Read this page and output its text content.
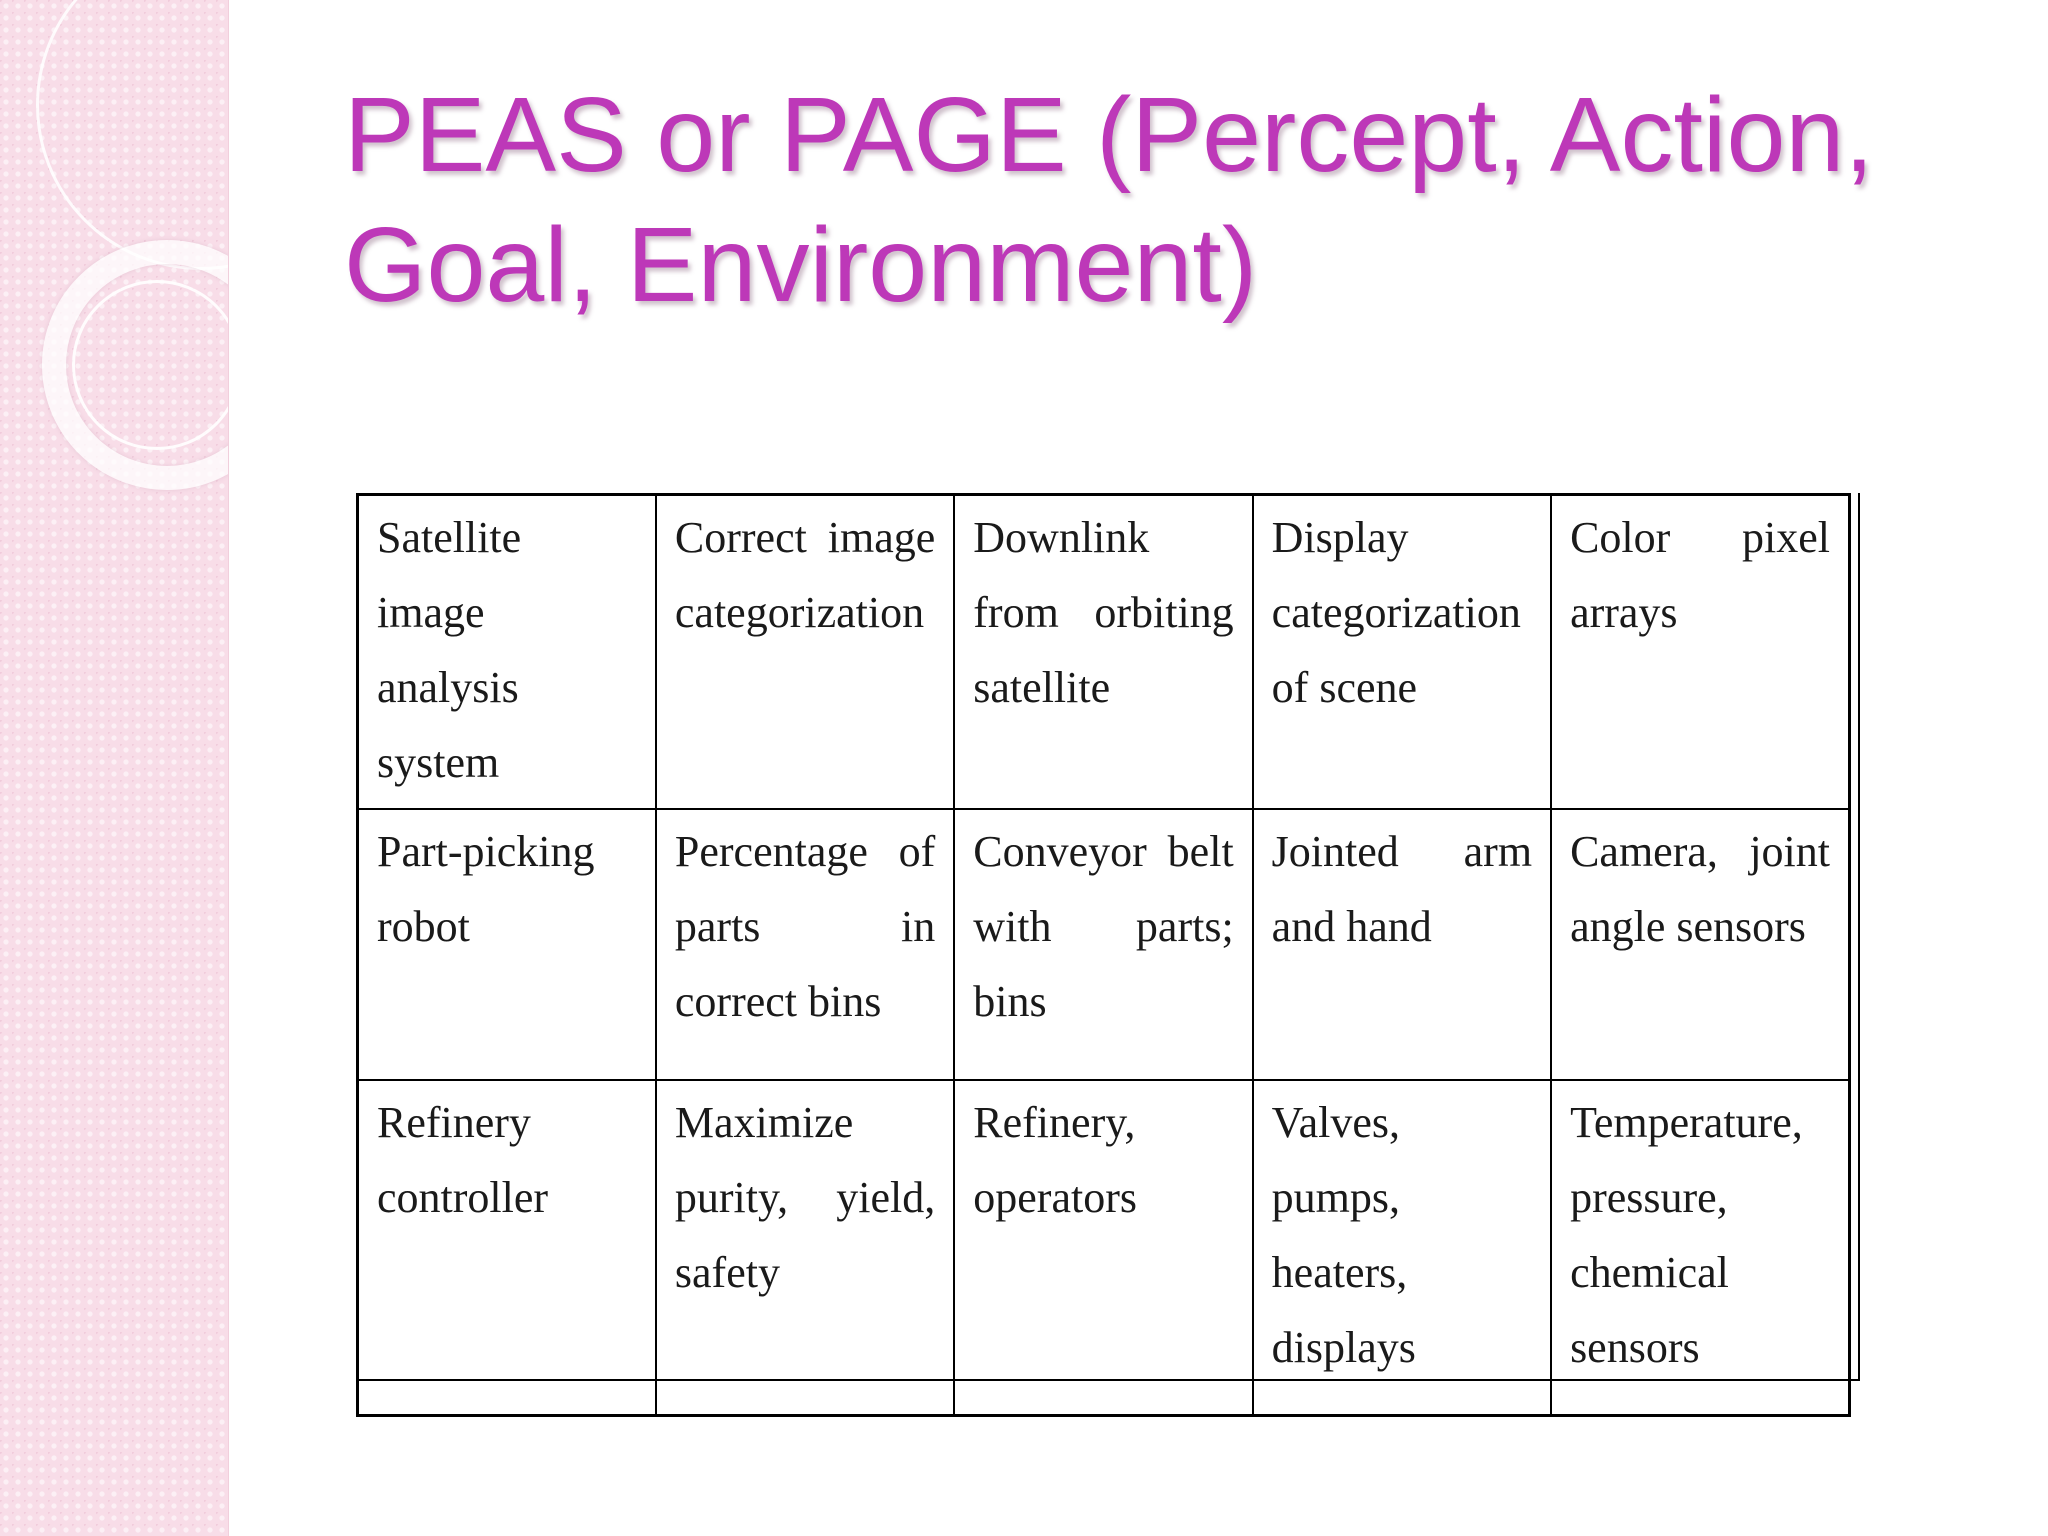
PEAS or PAGE (Percept, Action, Goal, Environment)
Satellite image analysis system	Correct image categorization	Downlink from orbiting satellite	Display categorization of scene	Color pixel arrays
Part-picking robot	Percentage of parts in correct bins	Conveyor belt with parts; bins	Jointed arm and hand	Camera, joint angle sensors
Refinery controller	Maximize purity, yield, safety	Refinery, operators	Valves, pumps, heaters, displays	Temperature, pressure, chemical sensors
